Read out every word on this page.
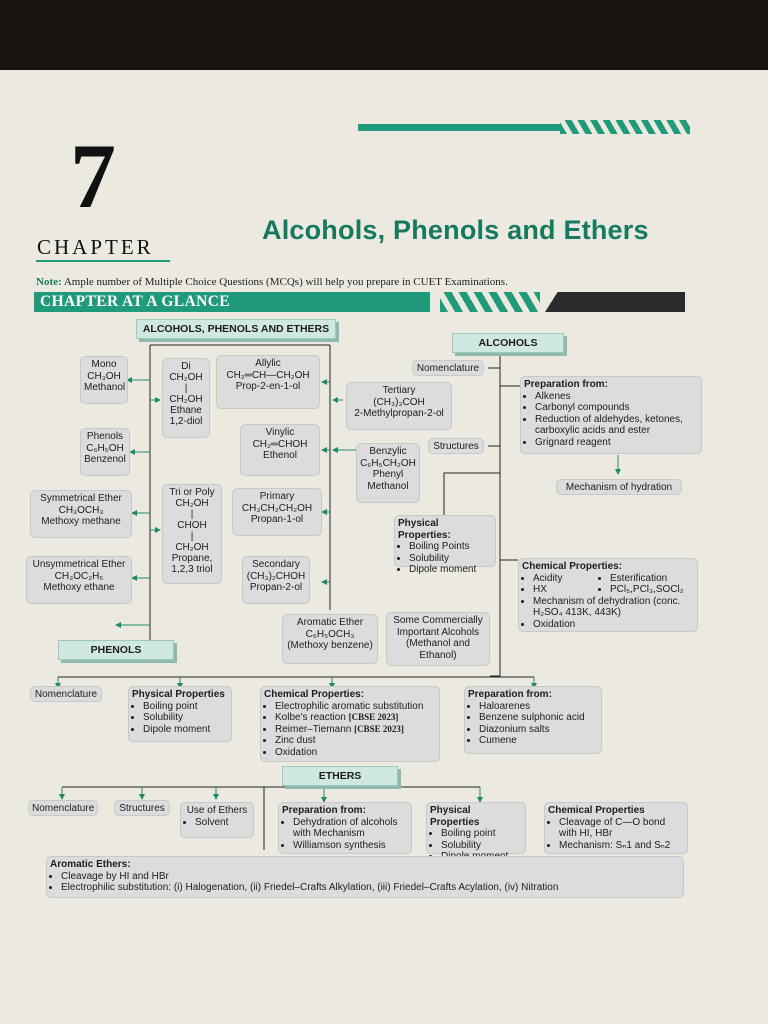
7
CHAPTER
Alcohols, Phenols and Ethers
Note: Ample number of Multiple Choice Questions (MCQs) will help you prepare in CUET Examinations.
CHAPTER AT A GLANCE
ALCOHOLS, PHENOLS AND ETHERS
Mono
CH₃OH
Methanol
Phenols
C₆H₅OH
Benzenol
Symmetrical Ether
CH₃OCH₃
Methoxy methane
Unsymmetrical Ether
CH₃OC₂H₅
Methoxy ethane
Di
CH₂OH
|
CH₂OH
Ethane
1,2-diol
Tri or Poly
CH₂OH
|
CHOH
|
CH₂OH
Propane,
1,2,3 triol
Allylic
CH₂═CH—CH₂OH
Prop-2-en-1-ol
Vinylic
CH₂═CHOH
Ethenol
Primary
CH₃CH₂CH₂OH
Propan-1-ol
Secondary
(CH₃)₂CHOH
Propan-2-ol
Tertiary
(CH₃)₃COH
2-Methylpropan-2-ol
Benzylic
C₆H₅CH₂OH
Phenyl
Methanol
Aromatic Ether
C₆H₅OCH₃
(Methoxy benzene)
ALCOHOLS
Nomenclature
Structures
Preparation from:
• Alkenes
• Carbonyl compounds
• Reduction of aldehydes, ketones, carboxylic acids and ester
• Grignard reagent
Mechanism of hydration
Physical Properties:
• Boiling Points
• Solubility
• Dipole moment	Chemical Properties:
• Acidity
• HX
• Esterification
• PCl₅,PCl₃,SOCl₂
• Mechanism of dehydration (conc. H₂SO₄ 413K, 443K)
• Oxidation
Some Commercially
Important Alcohols
(Methanol and
Ethanol)
PHENOLS
Nomenclature	Physical Properties
• Boiling point
• Solubility
• Dipole moment
Chemical Properties:
• Electrophilic aromatic substitution
• Kolbe's reaction [CBSE 2023]
• Reimer–Tiemann [CBSE 2023]
• Zinc dust
• Oxidation
Preparation from:
• Haloarenes
• Benzene sulphonic acid
• Diazonium salts
• Cumene
ETHERS
Nomenclature	Structures	Use of Ethers
• Solvent
Preparation from:
• Dehydration of alcohols with Mechanism
• Williamson synthesis
Physical Properties
• Boiling point
• Solubility
•
Chemical Properties
• Cleavage of C—O bond with HI, HBr
• Mechanism: Sₙ1 and Sₙ2
Aromatic Ethers:
• Cleavage by HI and HBr
• Electrophilic substitution: (i) Halogenation, (ii) Friedel–Crafts Alkylation, (iii) Friedel–Crafts Acylation, (iv) Nitration
